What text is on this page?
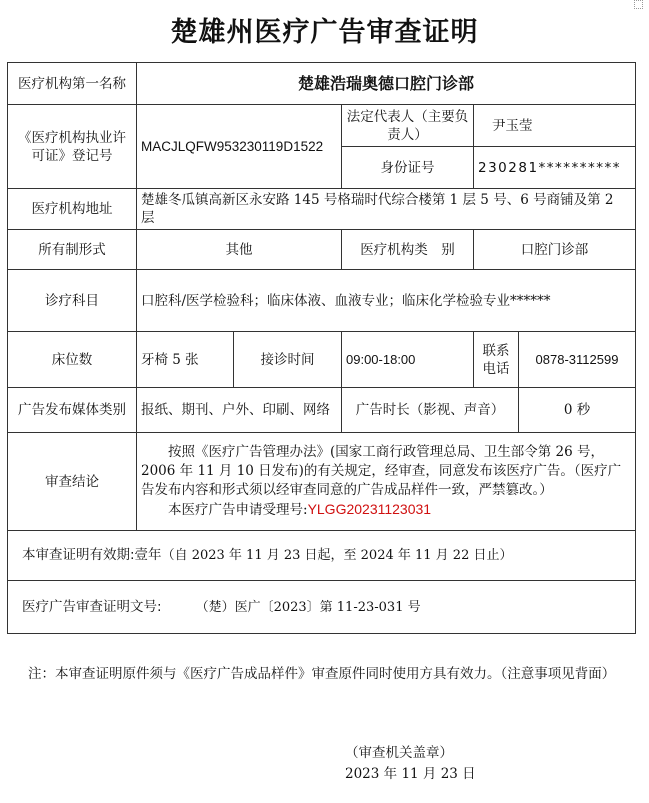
楚雄州医疗广告审查证明
医疗机构第一名称	楚雄浩瑞奥德口腔门诊部				
《医疗机构执业许可证》登记号	MACJLQFW953230119D1522		法定代表人（主要负责人）	尹玉莹	
			身份证号	230281**********	
医疗机构地址	楚雄冬瓜镇高新区永安路 145 号格瑞时代综合楼第 1 层 5 号、6 号商铺及第 2 层				
所有制形式	其他		医疗机构类　别	口腔门诊部	
诊疗科目	口腔科/医学检验科；临床体液、血液专业；临床化学检验专业******				
床位数	牙椅 5 张	接诊时间	09:00-18:00	联系电话	0878-3112599
广告发布媒体类别	报纸、期刊、户外、印刷、网络		广告时长（影视、声音）		0 秒
审查结论	按照《医疗广告管理办法》(国家工商行政管理总局、卫生部令第 26 号，2006 年 11 月 10 日发布)的有关规定，经审查，同意发布该医疗广告。（医疗广告发布内容和形式须以经审查同意的广告成品样件一致，严禁篡改。）
本医疗广告申请受理号:YLGG20231123031				

本审查证明有效期:壹年（自 2023 年 11 月 23 日起，至 2024 年 11 月 22 日止）					
医疗广告审查证明文号: （楚）医广〔2023〕第 11-23-031 号					
注：本审查证明原件须与《医疗广告成品样件》审查原件同时使用方具有效力。（注意事项见背面）
（审查机关盖章）
2023 年 11 月 23 日
